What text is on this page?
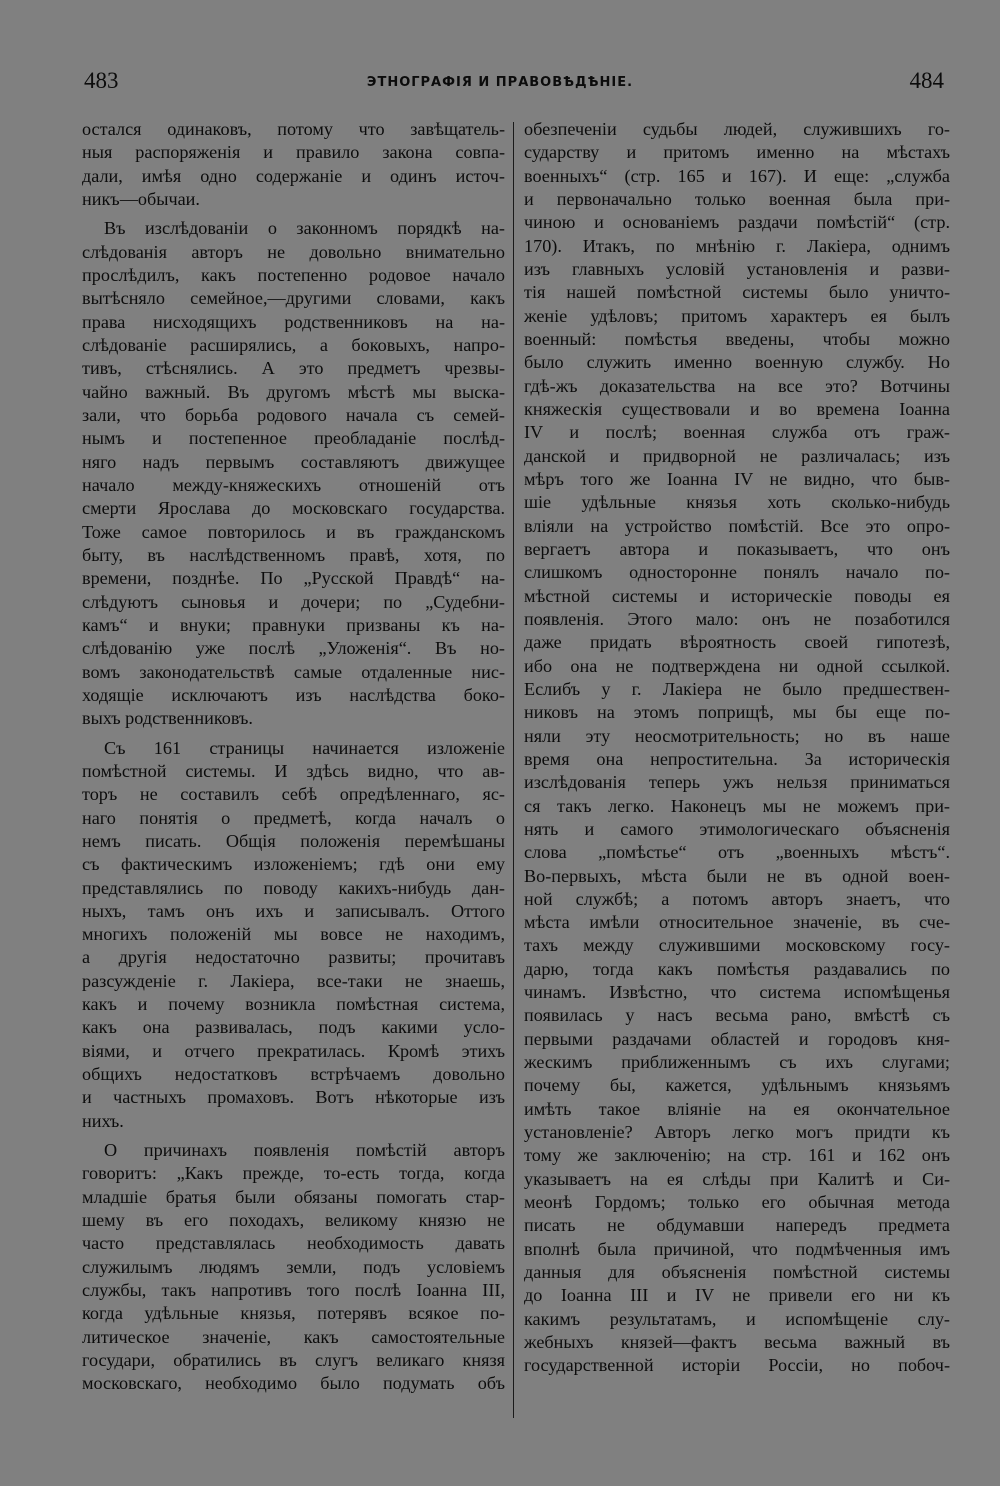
483	ЭТНОГРАФІЯ И ПРАВОВѢДѢНІЕ.	484
остался одинаковъ, потому что завѣщатель-
ныя распоряженія и правило закона совпа-
дали, имѣя одно содержаніе и одинъ источ-
никъ—обычаи.
Въ изслѣдованіи о законномъ порядкѣ на-
слѣдованія авторъ не довольно внимательно
прослѣдилъ, какъ постепенно родовое начало
вытѣсняло семейное,—другими словами, какъ
права нисходящихъ родственниковъ на на-
слѣдованіе расширялись, а боковыхъ, напро-
тивъ, стѣснялись. А это предметъ чрезвы-
чайно важный. Въ другомъ мѣстѣ мы выска-
зали, что борьба родового начала съ семей-
нымъ и постепенное преобладаніе послѣд-
няго надъ первымъ составляютъ движущее
начало между-княжескихъ отношеній отъ
смерти Ярослава до московскаго государства.
Тоже самое повторилось и въ гражданскомъ
быту, въ наслѣдственномъ правѣ, хотя, по
времени, позднѣе. По „Русской Правдѣ“ на-
слѣдуютъ сыновья и дочери; по „Судебни-
камъ“ и внуки; правнуки призваны къ на-
слѣдованію уже послѣ „Уложенія“. Въ но-
вомъ законодательствѣ самые отдаленные нис-
ходящіе исключаютъ изъ наслѣдства боко-
выхъ родственниковъ.
Съ 161 страницы начинается изложеніе
помѣстной системы. И здѣсь видно, что ав-
торъ не составилъ себѣ опредѣленнаго, яс-
наго понятія о предметѣ, когда началъ о
немъ писать. Общія положенія перемѣшаны
съ фактическимъ изложеніемъ; гдѣ они ему
представлялись по поводу какихъ-нибудь дан-
ныхъ, тамъ онъ ихъ и записывалъ. Оттого
многихъ положеній мы вовсе не находимъ,
а другія недостаточно развиты; прочитавъ
разсужденіе г. Лакіера, все-таки не знаешь,
какъ и почему возникла помѣстная система,
какъ она развивалась, подъ какими усло-
віями, и отчего прекратилась. Кромѣ этихъ
общихъ недостатковъ встрѣчаемъ довольно
и частныхъ промаховъ. Вотъ нѣкоторые изъ
нихъ.
О причинахъ появленія помѣстій авторъ
говоритъ: „Какъ прежде, то-есть тогда, когда
младшіе братья были обязаны помогать стар-
шему въ его походахъ, великому князю не
часто представлялась необходимость давать
служилымъ людямъ земли, подъ условіемъ
службы, такъ напротивъ того послѣ Іоанна III,
когда удѣльные князья, потерявъ всякое по-
литическое значеніе, какъ самостоятельные
государи, обратились въ слугъ великаго князя
московскаго, необходимо было подумать объ
обезпеченіи судьбы людей, служившихъ го-
сударству и притомъ именно на мѣстахъ
военныхъ“ (стр. 165 и 167). И еще: „служба
и первоначально только военная была при-
чиною и основаніемъ раздачи помѣстій“ (стр.
170). Итакъ, по мнѣнію г. Лакіера, однимъ
изъ главныхъ условій установленія и разви-
тія нашей помѣстной системы было уничто-
женіе удѣловъ; притомъ характеръ ея былъ
военный: помѣстья введены, чтобы можно
было служить именно военную службу. Но
гдѣ-жъ доказательства на все это? Вотчины
княжескія существовали и во времена Іоанна
IV и послѣ; военная служба отъ граж-
данской и придворной не различалась; изъ
мѣръ того же Іоанна IV не видно, что быв-
шіе удѣльные князья хоть сколько-нибудь
вліяли на устройство помѣстій. Все это опро-
вергаетъ автора и показываетъ, что онъ
слишкомъ односторонне понялъ начало по-
мѣстной системы и историческіе поводы ея
появленія. Этого мало: онъ не позаботился
даже придать вѣроятность своей гипотезѣ,
ибо она не подтверждена ни одной ссылкой.
Еслибъ у г. Лакіера не было предшествен-
никовъ на этомъ поприщѣ, мы бы еще по-
няли эту неосмотрительность; но въ наше
время она непростительна. За историческія
изслѣдованія теперь ужъ нельзя приниматься
ся такъ легко. Наконецъ мы не можемъ при-
нять и самого этимологическаго объясненія
слова „помѣстье“ отъ „военныхъ мѣстъ“.
Во-первыхъ, мѣста были не въ одной воен-
ной службѣ; а потомъ авторъ знаетъ, что
мѣста имѣли относительное значеніе, въ сче-
тахъ между служившими московскому госу-
дарю, тогда какъ помѣстья раздавались по
чинамъ. Извѣстно, что система испомѣщенья
появилась у насъ весьма рано, вмѣстѣ съ
первыми раздачами областей и городовъ кня-
жескимъ приближеннымъ съ ихъ слугами;
почему бы, кажется, удѣльнымъ князьямъ
имѣть такое вліяніе на ея окончательное
установленіе? Авторъ легко могъ придти къ
тому же заключенію; на стр. 161 и 162 онъ
указываетъ на ея слѣды при Калитѣ и Си-
меонѣ Гордомъ; только его обычная метода
писать не обдумавши напередъ предмета
вполнѣ была причиной, что подмѣченныя имъ
данныя для объясненія помѣстной системы
до Іоанна III и IV не привели его ни къ
какимъ результатамъ, и испомѣщеніе слу-
жебныхъ князей—фактъ весьма важный въ
государственной исторіи Россіи, но побоч-
